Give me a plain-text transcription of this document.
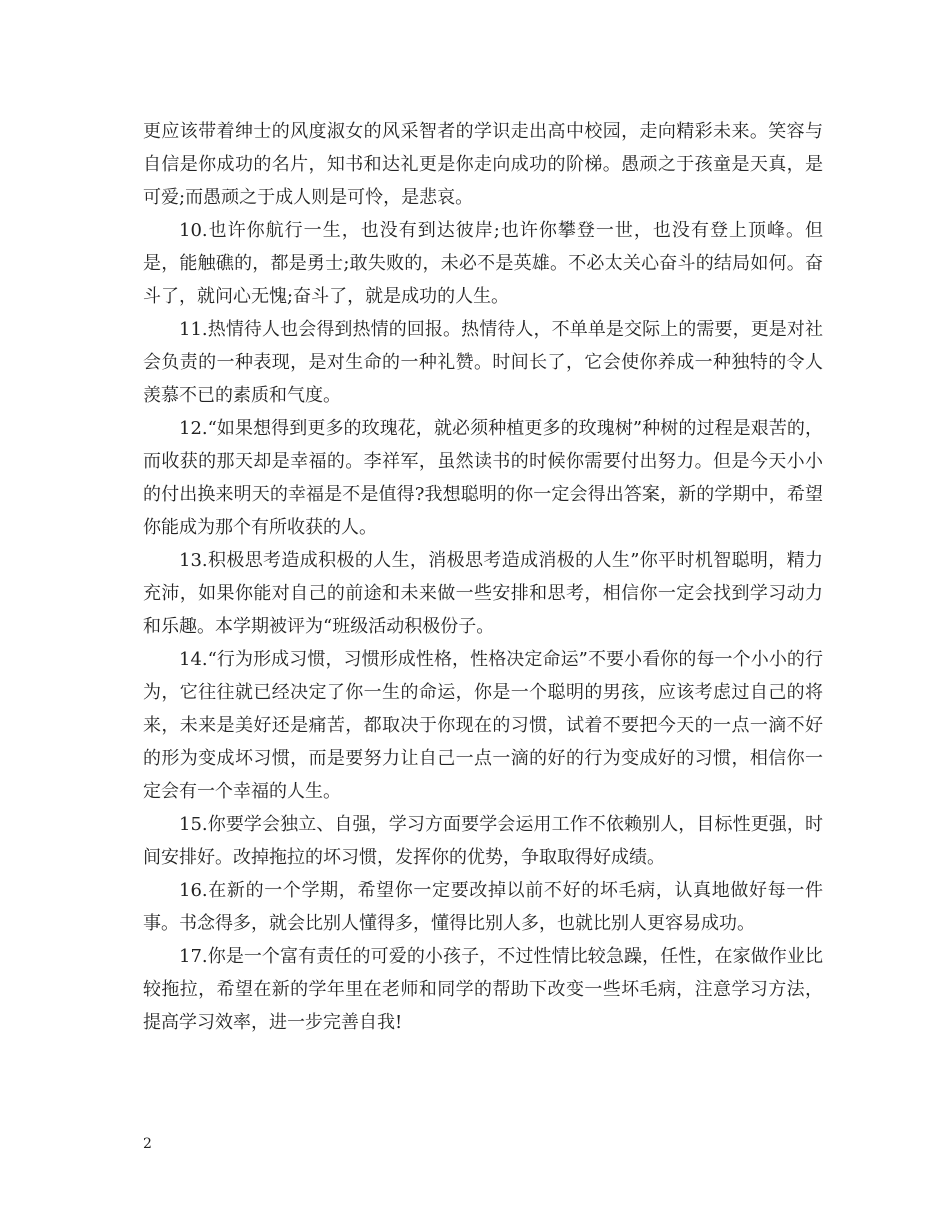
更应该带着绅士的风度淑女的风采智者的学识走出高中校园，走向精彩未来。笑容与自信是你成功的名片，知书和达礼更是你走向成功的阶梯。愚顽之于孩童是天真，是可爱;而愚顽之于成人则是可怜，是悲哀。

10.也许你航行一生，也没有到达彼岸;也许你攀登一世，也没有登上顶峰。但是，能触礁的，都是勇士;敢失败的，未必不是英雄。不必太关心奋斗的结局如何。奋斗了，就问心无愧;奋斗了，就是成功的人生。

11.热情待人也会得到热情的回报。热情待人，不单单是交际上的需要，更是对社会负责的一种表现，是对生命的一种礼赞。时间长了，它会使你养成一种独特的令人羡慕不已的素质和气度。

12.“如果想得到更多的玫瑰花，就必须种植更多的玫瑰树”种树的过程是艰苦的，而收获的那天却是幸福的。李祥军，虽然读书的时候你需要付出努力。但是今天小小的付出换来明天的幸福是不是值得?我想聪明的你一定会得出答案，新的学期中，希望你能成为那个有所收获的人。

13.积极思考造成积极的人生，消极思考造成消极的人生”你平时机智聪明，精力充沛，如果你能对自己的前途和未来做一些安排和思考，相信你一定会找到学习动力和乐趣。本学期被评为“班级活动积极份子。

14.“行为形成习惯，习惯形成性格，性格决定命运”不要小看你的每一个小小的行为，它往往就已经决定了你一生的命运，你是一个聪明的男孩，应该考虑过自己的将来，未来是美好还是痛苦，都取决于你现在的习惯，试着不要把今天的一点一滴不好的形为变成坏习惯，而是要努力让自己一点一滴的好的行为变成好的习惯，相信你一定会有一个幸福的人生。

15.你要学会独立、自强，学习方面要学会运用工作不依赖别人，目标性更强，时间安排好。改掉拖拉的坏习惯，发挥你的优势，争取取得好成绩。

16.在新的一个学期，希望你一定要改掉以前不好的坏毛病，认真地做好每一件事。书念得多，就会比别人懂得多，懂得比别人多，也就比别人更容易成功。

17.你是一个富有责任的可爱的小孩子，不过性情比较急躁，任性，在家做作业比较拖拉，希望在新的学年里在老师和同学的帮助下改变一些坏毛病，注意学习方法，提高学习效率，进一步完善自我!

2
